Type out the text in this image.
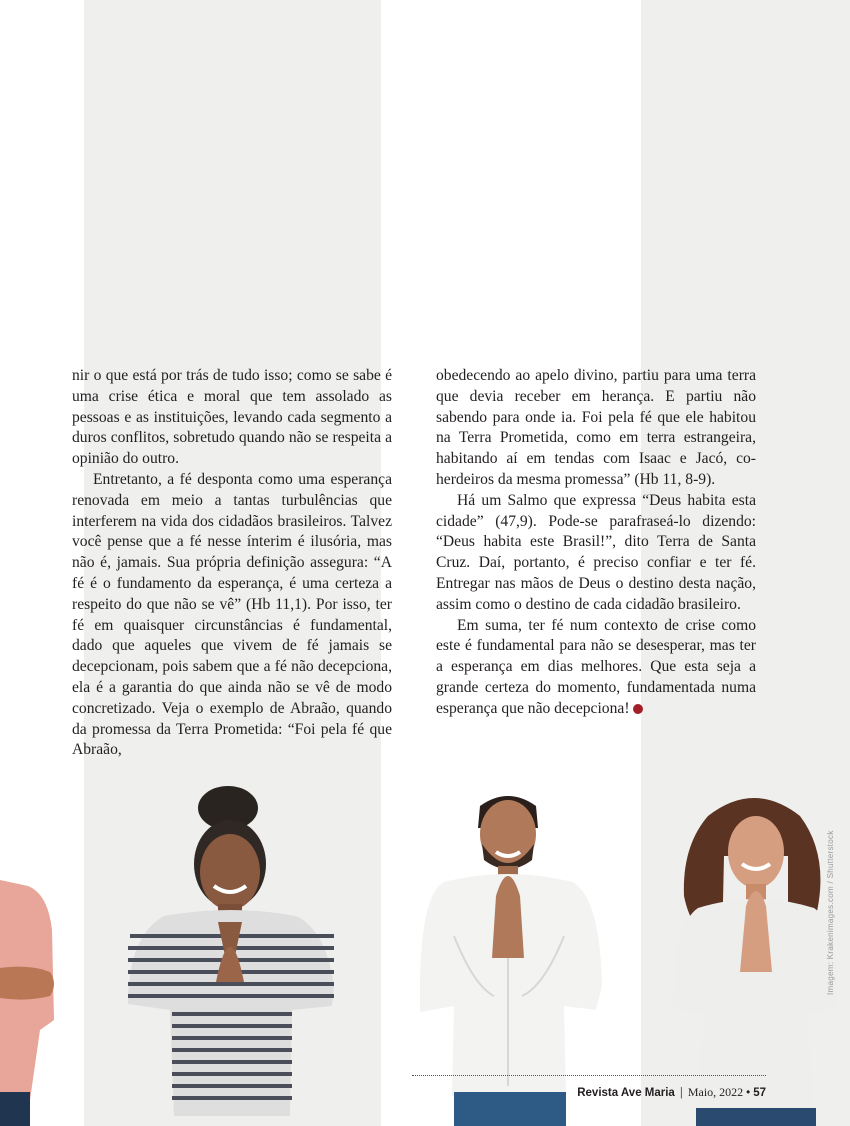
nir o que está por trás de tudo isso; como se sabe é uma crise ética e moral que tem assolado as pessoas e as instituições, levando cada segmento a duros conflitos, sobretudo quando não se respeita a opinião do outro.

Entretanto, a fé desponta como uma esperança renovada em meio a tantas turbulências que interferem na vida dos cidadãos brasileiros. Talvez você pense que a fé nesse ínterim é ilusória, mas não é, jamais. Sua própria definição assegura: “A fé é o fundamento da esperança, é uma certeza a respeito do que não se vê” (Hb 11,1). Por isso, ter fé em quaisquer circunstâncias é fundamental, dado que aqueles que vivem de fé jamais se decepcionam, pois sabem que a fé não decepciona, ela é a garantia do que ainda não se vê de modo concretizado. Veja o exemplo de Abraão, quando da promessa da Terra Prometida: “Foi pela fé que Abraão,

obedecendo ao apelo divino, partiu para uma terra que devia receber em herança. E partiu não sabendo para onde ia. Foi pela fé que ele habitou na Terra Prometida, como em terra estrangeira, habitando aí em tendas com Isaac e Jacó, co-herdeiros da mesma promessa” (Hb 11, 8-9).

Há um Salmo que expressa “Deus habita esta cidade” (47,9). Pode-se parafraseá-lo dizendo: “Deus habita este Brasil!”, dito Terra de Santa Cruz. Daí, portanto, é preciso confiar e ter fé. Entregar nas mãos de Deus o destino desta nação, assim como o destino de cada cidadão brasileiro.

Em suma, ter fé num contexto de crise como este é fundamental para não se desesperar, mas ter a esperança em dias melhores. Que esta seja a grande certeza do momento, fundamentada numa esperança que não decepciona!

Revista Ave Maria | Maio, 2022 • 57
Imagem: Krakenimages.com / Shutterstock
